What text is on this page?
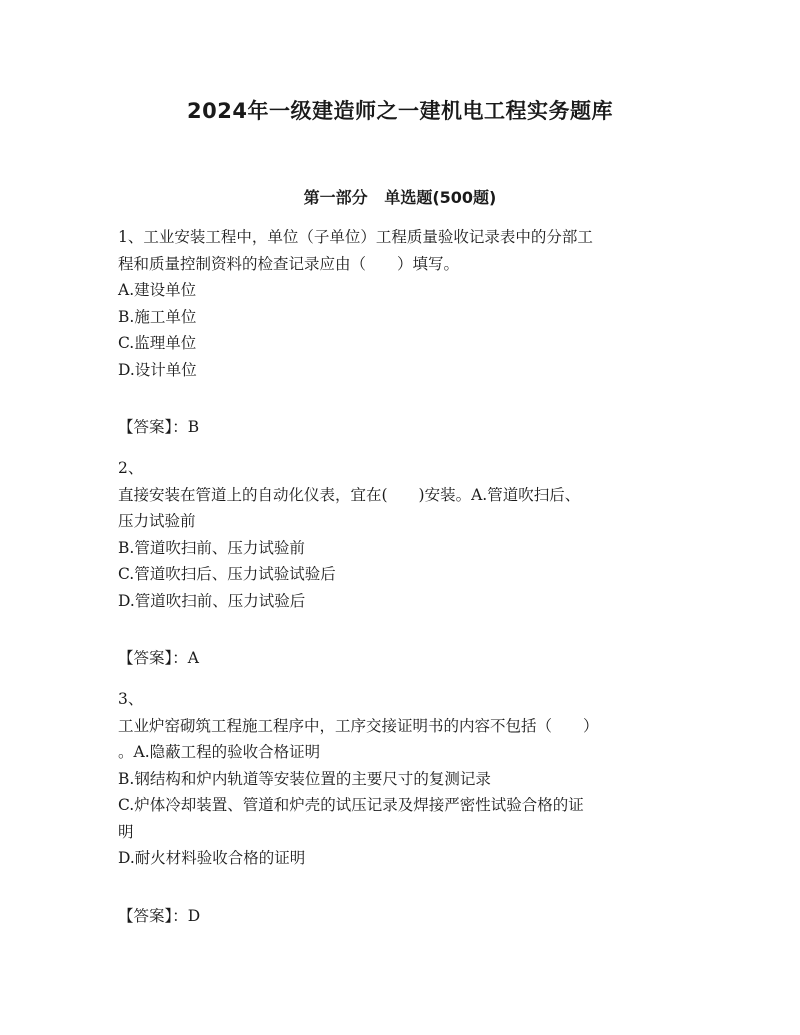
2024年一级建造师之一建机电工程实务题库
第一部分   单选题(500题)
1、工业安装工程中，单位（子单位）工程质量验收记录表中的分部工
程和质量控制资料的检查记录应由（　　）填写。
A.建设单位
B.施工单位
C.监理单位
D.设计单位
【答案】：B
2、
直接安装在管道上的自动化仪表，宜在(　　)安装。A.管道吹扫后、
压力试验前
B.管道吹扫前、压力试验前
C.管道吹扫后、压力试验试验后
D.管道吹扫前、压力试验后
【答案】：A
3、
工业炉窑砌筑工程施工程序中，工序交接证明书的内容不包括（　　）
。A.隐蔽工程的验收合格证明
B.钢结构和炉内轨道等安装位置的主要尺寸的复测记录
C.炉体冷却装置、管道和炉壳的试压记录及焊接严密性试验合格的证
明
D.耐火材料验收合格的证明
【答案】：D
